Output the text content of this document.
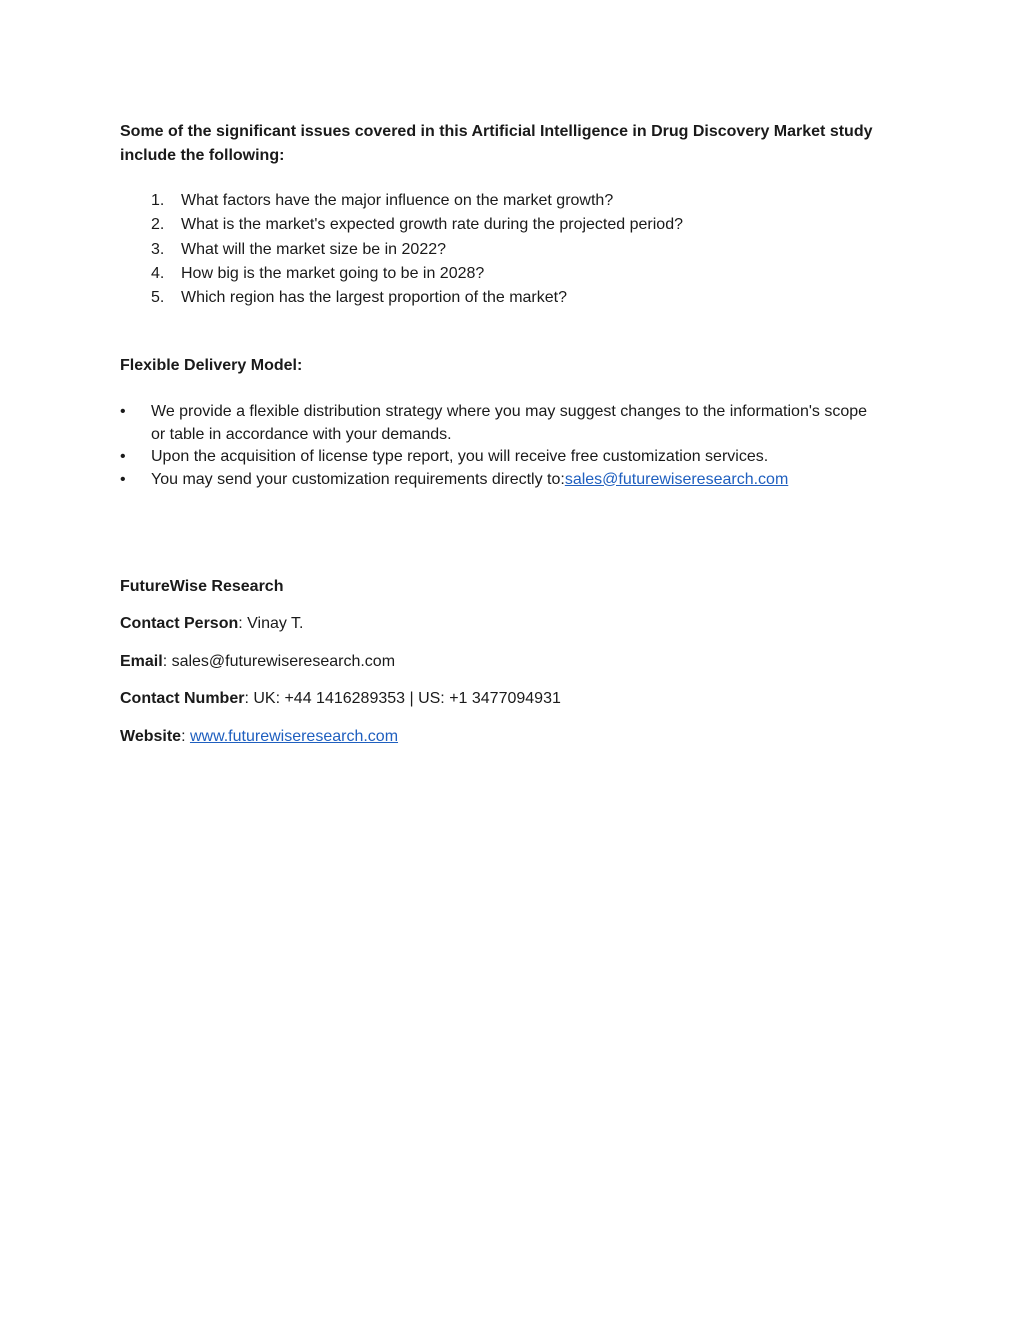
Some of the significant issues covered in this Artificial Intelligence in Drug Discovery Market study include the following:
1. What factors have the major influence on the market growth?
2. What is the market's expected growth rate during the projected period?
3. What will the market size be in 2022?
4. How big is the market going to be in 2028?
5. Which region has the largest proportion of the market?
Flexible Delivery Model:
• We provide a flexible distribution strategy where you may suggest changes to the information's scope or table in accordance with your demands.
• Upon the acquisition of license type report, you will receive free customization services.
• You may send your customization requirements directly to:sales@futurewiseresearch.com
FutureWise Research
Contact Person: Vinay T.
Email: sales@futurewiseresearch.com
Contact Number: UK: +44 1416289353 | US: +1 3477094931
Website: www.futurewiseresearch.com
